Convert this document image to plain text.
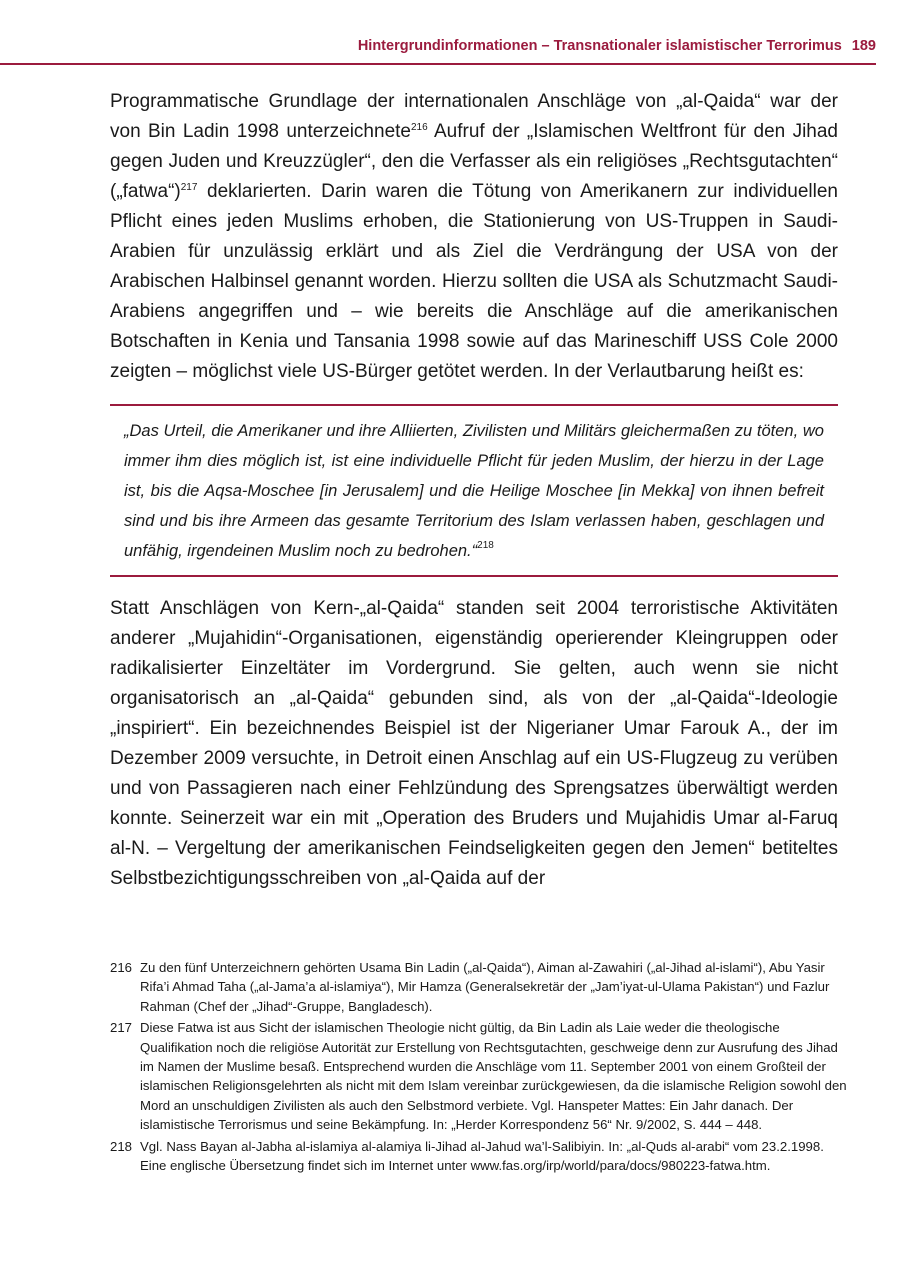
Hintergrundinformationen – Transnationaler islamistischer Terrorimus 189

Programmatische Grundlage der internationalen Anschläge von „al-Qaida“ war der von Bin Ladin 1998 unterzeichnete$^{216}$ Aufruf der „Islamischen Weltfront für den Jihad gegen Juden und Kreuzzügler“, den die Verfasser als ein religiöses „Rechtsgutachten“ („fatwa“)$^{217}$ deklarierten. Darin waren die Tötung von Amerikanern zur individuellen Pflicht eines jeden Muslims erhoben, die Stationierung von US-Truppen in Saudi-Arabien für unzulässig erklärt und als Ziel die Verdrängung der USA von der Arabischen Halbinsel genannt worden. Hierzu sollten die USA als Schutzmacht Saudi-Arabiens angegriffen und – wie bereits die Anschläge auf die amerikanischen Botschaften in Kenia und Tansania 1998 sowie auf das Marineschiff USS Cole 2000 zeigten – möglichst viele US-Bürger getötet werden. In der Verlautbarung heißt es:

„Das Urteil, die Amerikaner und ihre Alliierten, Zivilisten und Militärs gleichermaßen zu töten, wo immer ihm dies möglich ist, ist eine individuelle Pflicht für jeden Muslim, der hierzu in der Lage ist, bis die Aqsa-Moschee [in Jerusalem] und die Heilige Moschee [in Mekka] von ihnen befreit sind und bis ihre Armeen das gesamte Territorium des Islam verlassen haben, geschlagen und unfähig, irgendeinen Muslim noch zu bedrohen.“$^{218}$

Statt Anschlägen von Kern-„al-Qaida“ standen seit 2004 terroristische Aktivitäten anderer „Mujahidin“-Organisationen, eigenständig operierender Kleingruppen oder radikalisierter Einzeltäter im Vordergrund. Sie gelten, auch wenn sie nicht organisatorisch an „al-Qaida“ gebunden sind, als von der „al-Qaida“-Ideologie „inspiriert“. Ein bezeichnendes Beispiel ist der Nigerianer Umar Farouk A., der im Dezember 2009 versuchte, in Detroit einen Anschlag auf ein US-Flugzeug zu verüben und von Passagieren nach einer Fehlzündung des Sprengsatzes überwältigt werden konnte. Seinerzeit war ein mit „Operation des Bruders und Mujahidis Umar al-Faruq al-N. – Vergeltung der amerikanischen Feindseligkeiten gegen den Jemen“ betiteltes Selbstbezichtigungsschreiben von „al-Qaida auf der

216 Zu den fünf Unterzeichnern gehörten Usama Bin Ladin („al-Qaida“), Aiman al-Zawahiri („al-Jihad al-islami“), Abu Yasir Rifa’i Ahmad Taha („al-Jama’a al-islamiya“), Mir Hamza (Generalsekretär der „Jam’iyat-ul-Ulama Pakistan“) und Fazlur Rahman (Chef der „Jihad“-Gruppe, Bangladesch).
217 Diese Fatwa ist aus Sicht der islamischen Theologie nicht gültig, da Bin Ladin als Laie weder die theologische Qualifikation noch die religiöse Autorität zur Erstellung von Rechtsgutachten, geschweige denn zur Ausrufung des Jihad im Namen der Muslime besaß. Entsprechend wurden die Anschläge vom 11. September 2001 von einem Großteil der islamischen Religionsgelehrten als nicht mit dem Islam vereinbar zurückgewiesen, da die islamische Religion sowohl den Mord an unschuldigen Zivilisten als auch den Selbstmord verbiete. Vgl. Hanspeter Mattes: Ein Jahr danach. Der islamistische Terrorismus und seine Bekämpfung. In: „Herder Korrespondenz 56“ Nr. 9/2002, S. 444 – 448.
218 Vgl. Nass Bayan al-Jabha al-islamiya al-alamiya li-Jihad al-Jahud wa’l-Salibiyin. In: „al-Quds al-arabi“ vom 23.2.1998. Eine englische Übersetzung findet sich im Internet unter www.fas.org/irp/world/para/docs/980223-fatwa.htm.
